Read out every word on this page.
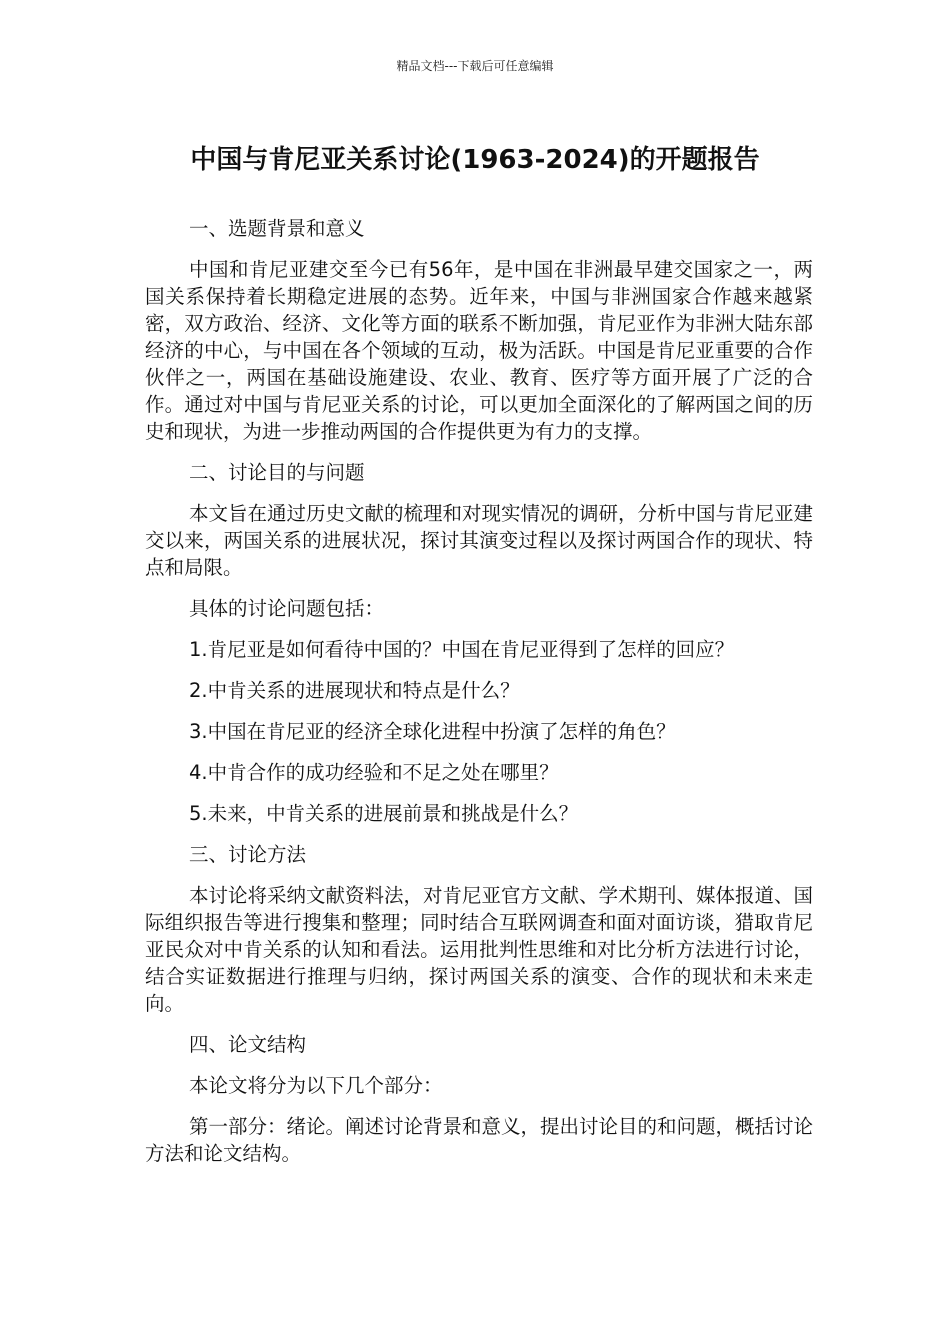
精品文档---下载后可任意编辑
中国与肯尼亚关系讨论(1963-2024)的开题报告

一、选题背景和意义

中国和肯尼亚建交至今已有56年，是中国在非洲最早建交国家之一，两国关系保持着长期稳定进展的态势。近年来，中国与非洲国家合作越来越紧密，双方政治、经济、文化等方面的联系不断加强，肯尼亚作为非洲大陆东部经济的中心，与中国在各个领域的互动，极为活跃。中国是肯尼亚重要的合作伙伴之一，两国在基础设施建设、农业、教育、医疗等方面开展了广泛的合作。通过对中国与肯尼亚关系的讨论，可以更加全面深化的了解两国之间的历史和现状，为进一步推动两国的合作提供更为有力的支撑。

二、讨论目的与问题

本文旨在通过历史文献的梳理和对现实情况的调研，分析中国与肯尼亚建交以来，两国关系的进展状况，探讨其演变过程以及探讨两国合作的现状、特点和局限。

具体的讨论问题包括：

1.肯尼亚是如何看待中国的？中国在肯尼亚得到了怎样的回应？

2.中肯关系的进展现状和特点是什么？

3.中国在肯尼亚的经济全球化进程中扮演了怎样的角色？

4.中肯合作的成功经验和不足之处在哪里？

5.未来，中肯关系的进展前景和挑战是什么？

三、讨论方法

本讨论将采纳文献资料法，对肯尼亚官方文献、学术期刊、媒体报道、国际组织报告等进行搜集和整理；同时结合互联网调查和面对面访谈，猎取肯尼亚民众对中肯关系的认知和看法。运用批判性思维和对比分析方法进行讨论，结合实证数据进行推理与归纳，探讨两国关系的演变、合作的现状和未来走向。

四、论文结构

本论文将分为以下几个部分：

第一部分：绪论。阐述讨论背景和意义，提出讨论目的和问题，概括讨论方法和论文结构。
